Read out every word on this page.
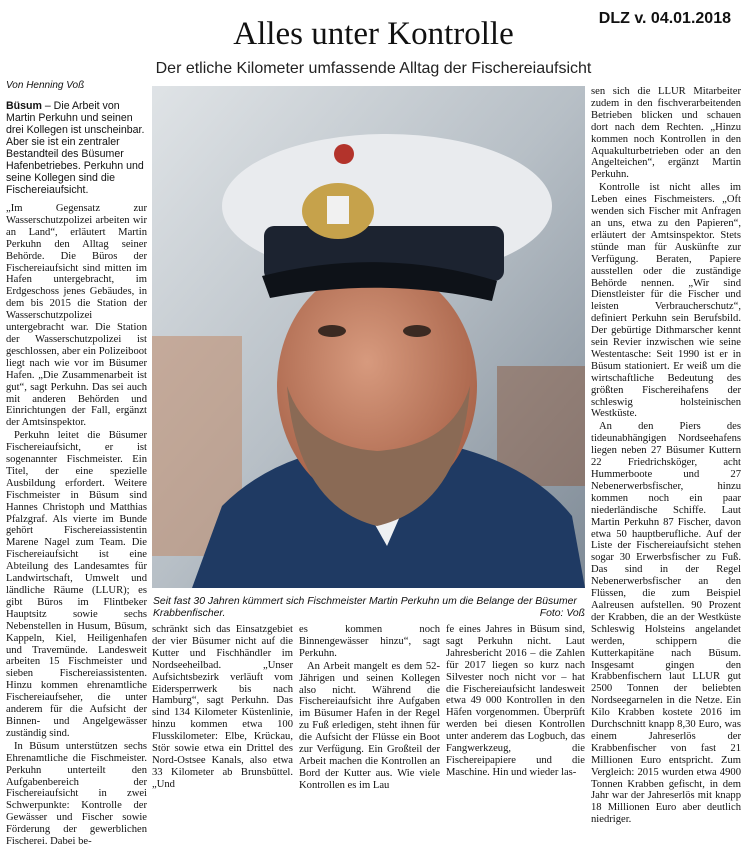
DLZ v. 04.01.2018
Alles unter Kontrolle
Der etliche Kilometer umfassende Alltag der Fischereiaufsicht
Von Henning Voß
Büsum – Die Arbeit von Martin Perkuhn und seinen drei Kollegen ist unscheinbar. Aber sie ist ein zentraler Bestandteil des Büsumer Hafenbetriebes. Perkuhn und seine Kollegen sind die Fischereiaufsicht.

„Im Gegensatz zur Wasserschutzpolizei arbeiten wir an Land“, erläutert Martin Perkuhn den Alltag seiner Behörde. Die Büros der Fischereiaufsicht sind mitten im Hafen untergebracht, im Erdgeschoss jenes Gebäudes, in dem bis 2015 die Station der Wasserschutzpolizei untergebracht war. Die Station der Wasserschutzpolizei ist geschlossen, aber ein Polizeiboot liegt nach wie vor im Büsumer Hafen. „Die Zusammenarbeit ist gut“, sagt Perkuhn. Das sei auch mit anderen Behörden und Einrichtungen der Fall, ergänzt der Amtsinspektor.

Perkuhn leitet die Büsumer Fischereiaufsicht, er ist sogenannter Fischmeister. Ein Titel, der eine spezielle Ausbildung erfordert. Weitere Fischmeister in Büsum sind Hannes Christoph und Matthias Pfalzgraf. Als vierte im Bunde gehört Fischereiassistentin Marene Nagel zum Team. Die Fischereiaufsicht ist eine Abteilung des Landesamtes für Landwirtschaft, Umwelt und ländliche Räume (LLUR); es gibt Büros im Flintbeker Hauptsitz sowie sechs Nebenstellen in Husum, Büsum, Kappeln, Kiel, Heiligenhafen und Travemünde. Landesweit arbeiten 15 Fischmeister und sieben Fischereiassistenten. Hinzu kommen ehrenamtliche Fischereiaufseher, die unter anderem für die Aufsicht der Binnen- und Angelgewässer zuständig sind.

In Büsum unterstützen sechs Ehrenamtliche die Fischmeister. Perkuhn unterteilt den Aufgabenbereich der Fischereiaufsicht in zwei Schwerpunkte: Kontrolle der Gewässer und Fischer sowie Förderung der gewerblichen Fischerei. Dabei be-

Seit fast 30 Jahren kümmert sich Fischmeister Martin Perkuhn um die Belange der Büsumer Krabbenfischer.	Foto: Voß

schränkt sich das Einsatzgebiet der vier Büsumer nicht auf die Kutter und Fischhändler im Nordseeheilbad. „Unser Aufsichtsbezirk verläuft vom Eidersperrwerk bis nach Hamburg“, sagt Perkuhn. Das sind 134 Kilometer Küstenlinie, hinzu kommen etwa 100 Flusskilometer: Elbe, Krückau, Stör sowie etwa ein Drittel des Nord-Ostsee Kanals, also etwa 33 Kilometer ab Brunsbüttel. „Und

es kommen noch Binnengewässer hinzu“, sagt Perkuhn.

An Arbeit mangelt es dem 52-Jährigen und seinen Kollegen also nicht. Während die Fischereiaufsicht ihre Aufgaben im Büsumer Hafen in der Regel zu Fuß erledigen, steht ihnen für die Aufsicht der Flüsse ein Boot zur Verfügung. Ein Großteil der Arbeit machen die Kontrollen an Bord der Kutter aus. Wie viele Kontrollen es im Lau

fe eines Jahres in Büsum sind, sagt Perkuhn nicht. Laut Jahresbericht 2016 – die Zahlen für 2017 liegen so kurz nach Silvester noch nicht vor – hat die Fischereiaufsicht landesweit etwa 49 000 Kontrollen in den Häfen vorgenommen. Überprüft werden bei diesen Kontrollen unter anderem das Logbuch, das Fangwerkzeug, die Fischereipapiere und die Maschine. Hin und wieder las-

sen sich die LLUR Mitarbeiter zudem in den fischverarbeitenden Betrieben blicken und schauen dort nach dem Rechten. „Hinzu kommen noch Kontrollen in den Aquakulturbetrieben oder an den Angelteichen“, ergänzt Martin Perkuhn.

Kontrolle ist nicht alles im Leben eines Fischmeisters. „Oft wenden sich Fischer mit Anfragen an uns, etwa zu den Papieren“, erläutert der Amtsinspektor. Stets stünde man für Auskünfte zur Verfügung. Beraten, Papiere ausstellen oder die zuständige Behörde nennen. „Wir sind Dienstleister für die Fischer und leisten Verbraucherschutz“, definiert Perkuhn sein Berufsbild. Der gebürtige Dithmarscher kennt sein Revier inzwischen wie seine Westentasche: Seit 1990 ist er in Büsum stationiert. Er weiß um die wirtschaftliche Bedeutung des größten Fischereihafens der schleswig holsteinischen Westküste.

An den Piers des tideunabhängigen Nordseehafens liegen neben 27 Büsumer Kuttern 22 Friedrichsköger, acht Hummerboote und 27 Nebenerwerbsfischer, hinzu kommen noch ein paar niederländische Schiffe. Laut Martin Perkuhn 87 Fischer, davon etwa 50 hauptberufliche. Auf der Liste der Fischereiaufsicht stehen sogar 30 Erwerbsfischer zu Fuß. Das sind in der Regel Nebenerwerbsfischer an den Flüssen, die zum Beispiel Aalreusen aufstellen. 90 Prozent der Krabben, die an der Westküste Schleswig Holsteins angelandet werden, schippern die Kutterkapitäne nach Büsum. Insgesamt gingen den Krabbenfischern laut LLUR gut 2500 Tonnen der beliebten Nordseegarnelen in die Netze. Ein Kilo Krabben kostete 2016 im Durchschnitt knapp 8,30 Euro, was einem Jahreserlös der Krabbenfischer von fast 21 Millionen Euro entspricht. Zum Vergleich: 2015 wurden etwa 4900 Tonnen Krabben gefischt, in dem Jahr war der Jahreserlös mit knapp 18 Millionen Euro aber deutlich niedriger.
